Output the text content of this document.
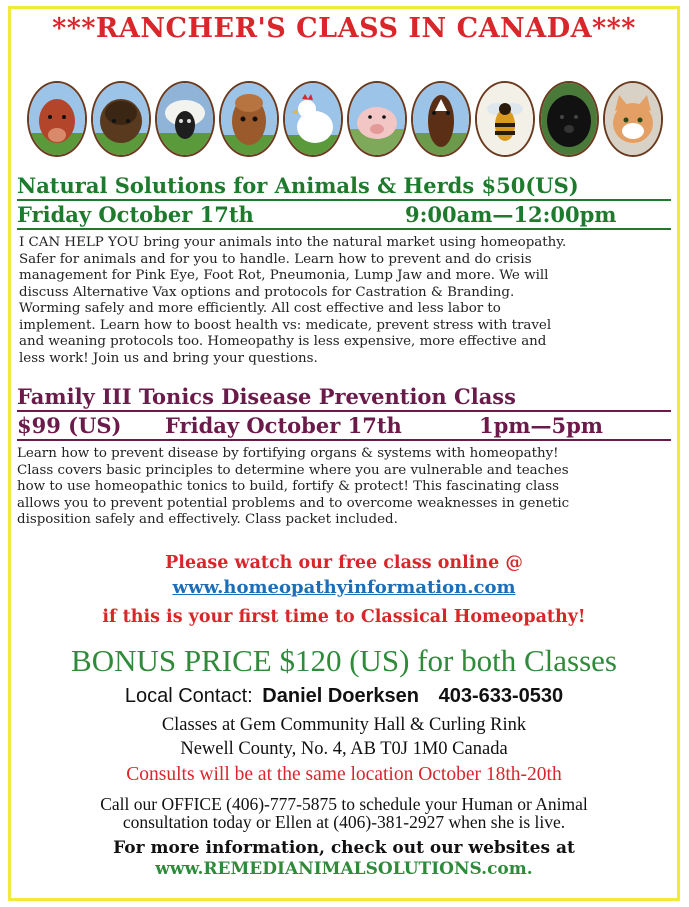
***RANCHER'S CLASS IN CANADA***
Natural Solutions for Animals & Herds $50(US)
Friday October 17th	9:00am—12:00pm
I CAN HELP YOU bring your animals into the natural market using homeopathy.
Safer for animals and for you to handle. Learn how to prevent and do crisis
management for Pink Eye, Foot Rot, Pneumonia, Lump Jaw and more. We will
discuss Alternative Vax options and protocols for Castration & Branding.
Worming safely and more efficiently. All cost effective and less labor to
implement. Learn how to boost health vs: medicate, prevent stress with travel
and weaning protocols too. Homeopathy is less expensive, more effective and
less work! Join us and bring your questions.
Family III Tonics Disease Prevention Class
$99 (US) Friday October 17th	1pm—5pm
Learn how to prevent disease by fortifying organs & systems with homeopathy!
Class covers basic principles to determine where you are vulnerable and teaches
how to use homeopathic tonics to build, fortify & protect! This fascinating class
allows you to prevent potential problems and to overcome weaknesses in genetic
disposition safely and effectively. Class packet included.
Please watch our free class online @
www.homeopathyinformation.com
if this is your first time to Classical Homeopathy!
BONUS PRICE $120 (US) for both Classes
Local Contact: Daniel Doerksen 403-633-0530
Classes at Gem Community Hall & Curling Rink
Newell County, No. 4, AB T0J 1M0 Canada
Consults will be at the same location October 18th-20th
Call our OFFICE (406)-777-5875 to schedule your Human or Animal
consultation today or Ellen at (406)-381-2927 when she is live.
For more information, check out our websites at
www.REMEDIANIMALSOLUTIONS.com.
